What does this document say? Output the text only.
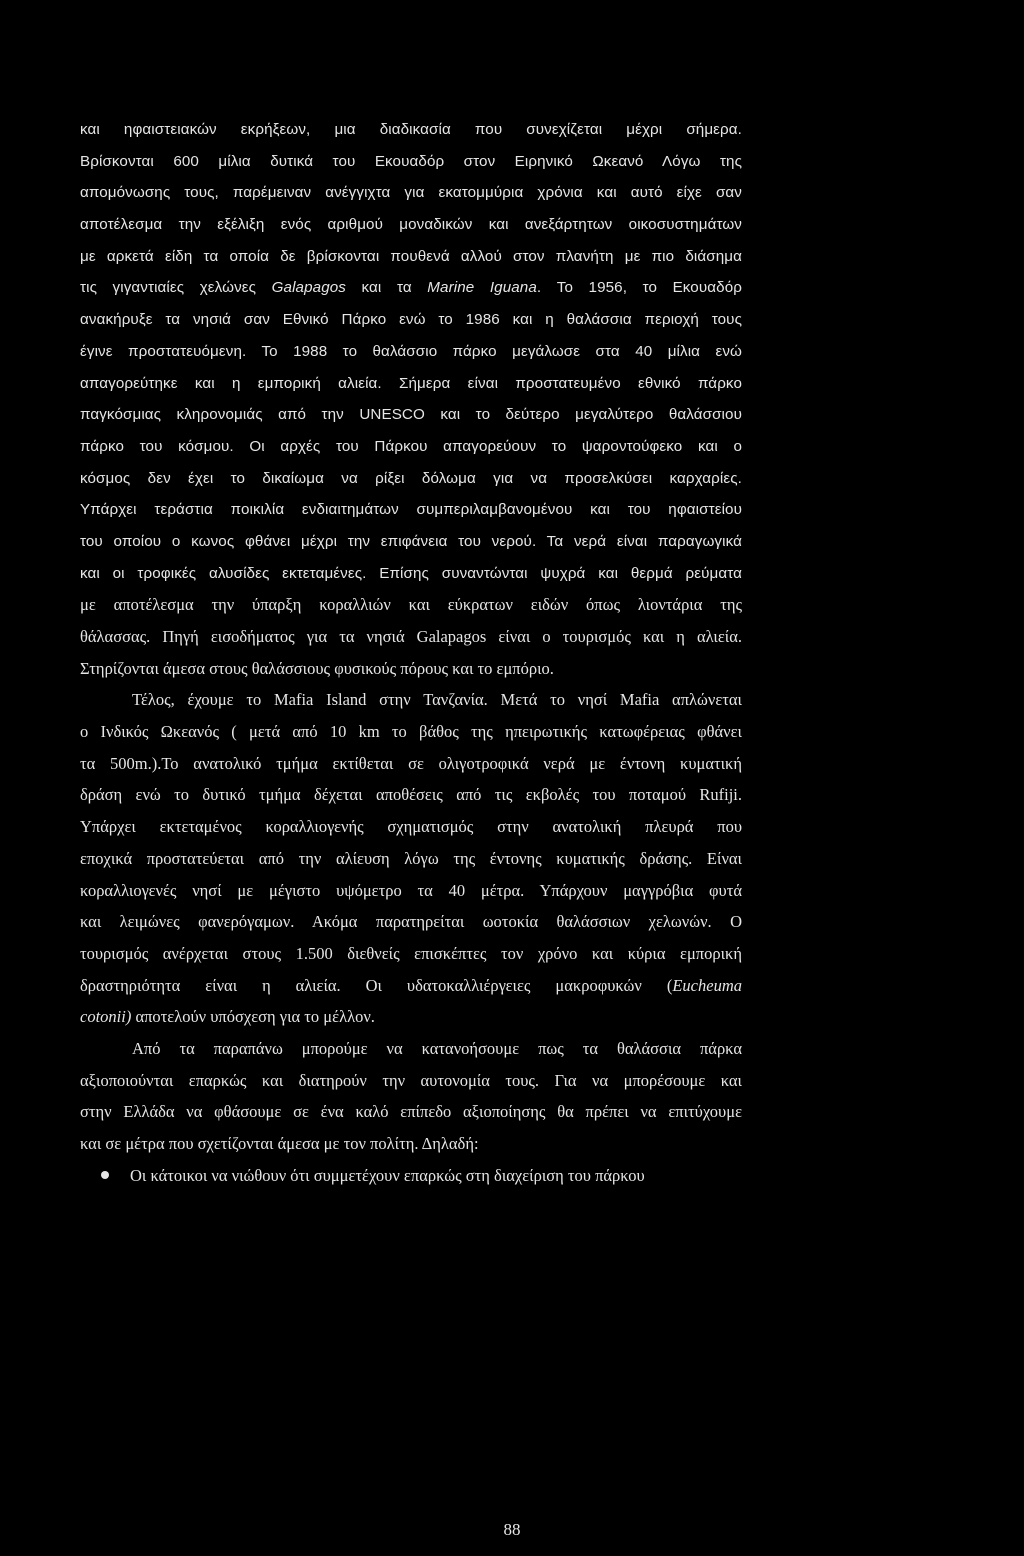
και ηφαιστειακών εκρήξεων, μια διαδικασία που συνεχίζεται μέχρι σήμερα.
Βρίσκονται 600 μίλια δυτικά του Εκουαδόρ στον Ειρηνικό Ωκεανό Λόγω της
απομόνωσης τους, παρέμειναν ανέγγιχτα για εκατομμύρια χρόνια και αυτό είχε σαν
αποτέλεσμα την εξέλιξη ενός αριθμού μοναδικών και ανεξάρτητων οικοσυστημάτων
με αρκετά είδη τα οποία δε βρίσκονται πουθενά αλλού στον πλανήτη με πιο διάσημα
τις γιγαντιαίες χελώνες Galapagos και τα Marine Iguana. Το 1956, το Εκουαδόρ
ανακήρυξε τα νησιά σαν Εθνικό Πάρκο ενώ το 1986 και η θαλάσσια περιοχή τους
έγινε προστατευόμενη. Το 1988 το θαλάσσιο πάρκο μεγάλωσε στα 40 μίλια ενώ
απαγορεύτηκε και η εμπορική αλιεία. Σήμερα είναι προστατευμένο εθνικό πάρκο
παγκόσμιας κληρονομιάς από την UNESCO και το δεύτερο μεγαλύτερο θαλάσσιου
πάρκο του κόσμου. Οι αρχές του Πάρκου απαγορεύουν το ψαροντούφεκο και ο
κόσμος δεν έχει το δικαίωμα να ρίξει δόλωμα για να προσελκύσει καρχαρίες.
Υπάρχει τεράστια ποικιλία ενδιαιτημάτων συμπεριλαμβανομένου και του ηφαιστείου
του οποίου ο κωνος φθάνει μέχρι την επιφάνεια του νερού. Τα νερά είναι παραγωγικά
και οι τροφικές αλυσίδες εκτεταμένες. Επίσης συναντώνται ψυχρά και θερμά ρεύματα
με αποτέλεσμα την ύπαρξη κοραλλιών και εύκρατων ειδών όπως λιοντάρια της
θάλασσας. Πηγή εισοδήματος για τα νησιά Galapagos είναι ο τουρισμός και η αλιεία.
Στηρίζονται άμεσα στους θαλάσσιους φυσικούς πόρους και το εμπόριο.
Τέλος, έχουμε το Mafia Island στην Τανζανία. Μετά το νησί Mafia απλώνεται
ο Ινδικός Ωκεανός ( μετά από 10 km το βάθος της ηπειρωτικής κατωφέρειας φθάνει
τα 500m.).Το ανατολικό τμήμα εκτίθεται σε ολιγοτροφικά νερά με έντονη κυματική
δράση ενώ το δυτικό τμήμα δέχεται αποθέσεις από τις εκβολές του ποταμού Rufiji.
Υπάρχει εκτεταμένος κοραλλιογενής σχηματισμός στην ανατολική πλευρά που
εποχικά προστατεύεται από την αλίευση λόγω της έντονης κυματικής δράσης. Είναι
κοραλλιογενές νησί με μέγιστο υψόμετρο τα 40 μέτρα. Υπάρχουν μαγγρόβια φυτά
και λειμώνες φανερόγαμων. Ακόμα παρατηρείται ωοτοκία θαλάσσιων χελωνών. Ο
τουρισμός ανέρχεται στους 1.500 διεθνείς επισκέπτες τον χρόνο και κύρια εμπορική
δραστηριότητα είναι η αλιεία. Οι υδατοκαλλιέργειες μακροφυκών (Eucheuma
cotonii) αποτελούν υπόσχεση για το μέλλον.
Από τα παραπάνω μπορούμε να κατανοήσουμε πως τα θαλάσσια πάρκα
αξιοποιούνται επαρκώς και διατηρούν την αυτονομία τους. Για να μπορέσουμε και
στην Ελλάδα να φθάσουμε σε ένα καλό επίπεδο αξιοποίησης θα πρέπει να επιτύχουμε
και σε μέτρα που σχετίζονται άμεσα με τον πολίτη. Δηλαδή:
Οι κάτοικοι να νιώθουν ότι συμμετέχουν επαρκώς στη διαχείριση του πάρκου
88
